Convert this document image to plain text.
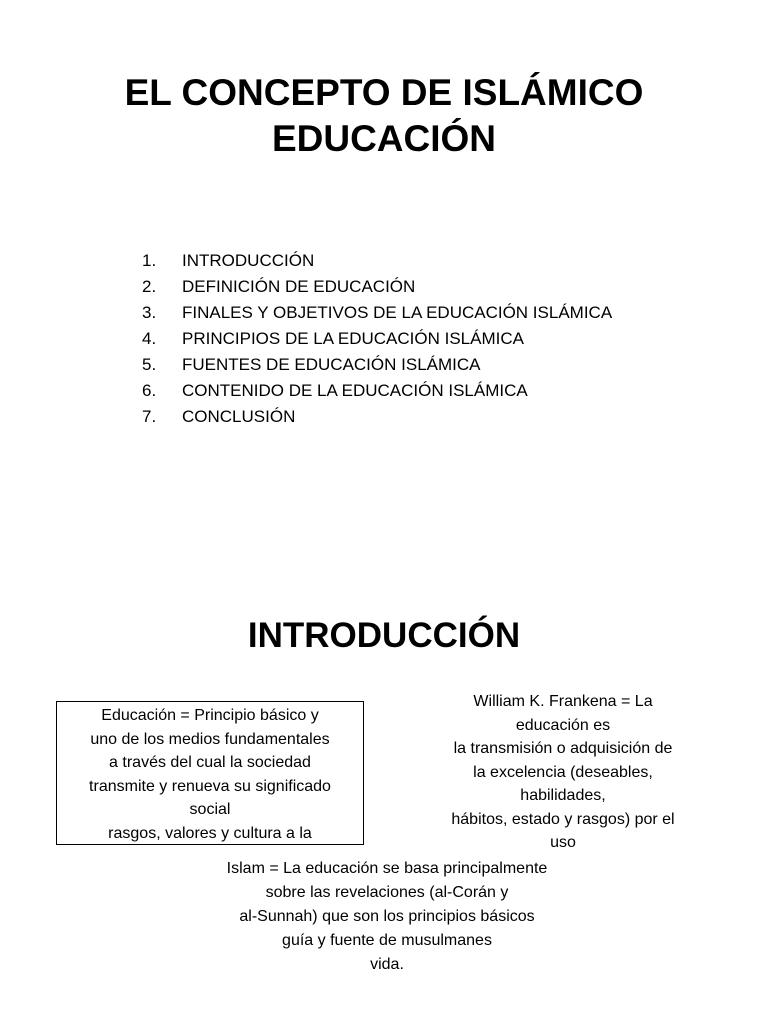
EL CONCEPTO DE ISLÁMICO
EDUCACIÓN
1.	INTRODUCCIÓN
2.	DEFINICIÓN DE EDUCACIÓN
3.	FINALES Y OBJETIVOS DE LA EDUCACIÓN ISLÁMICA
4.	PRINCIPIOS DE LA EDUCACIÓN ISLÁMICA
5.	FUENTES DE EDUCACIÓN ISLÁMICA
6.	CONTENIDO DE LA EDUCACIÓN ISLÁMICA
7.	CONCLUSIÓN
INTRODUCCIÓN
Educación = Principio básico y
uno de los medios fundamentales
a través del cual la sociedad
transmite y renueva su significado
social
rasgos, valores y cultura a la
William K. Frankena = La
educación es
la transmisión o adquisición de
la excelencia (deseables,
habilidades,
hábitos, estado y rasgos) por el
uso
Islam = La educación se basa principalmente
sobre las revelaciones (al-Corán y
al-Sunnah) que son los principios básicos
guía y fuente de musulmanes
vida.
